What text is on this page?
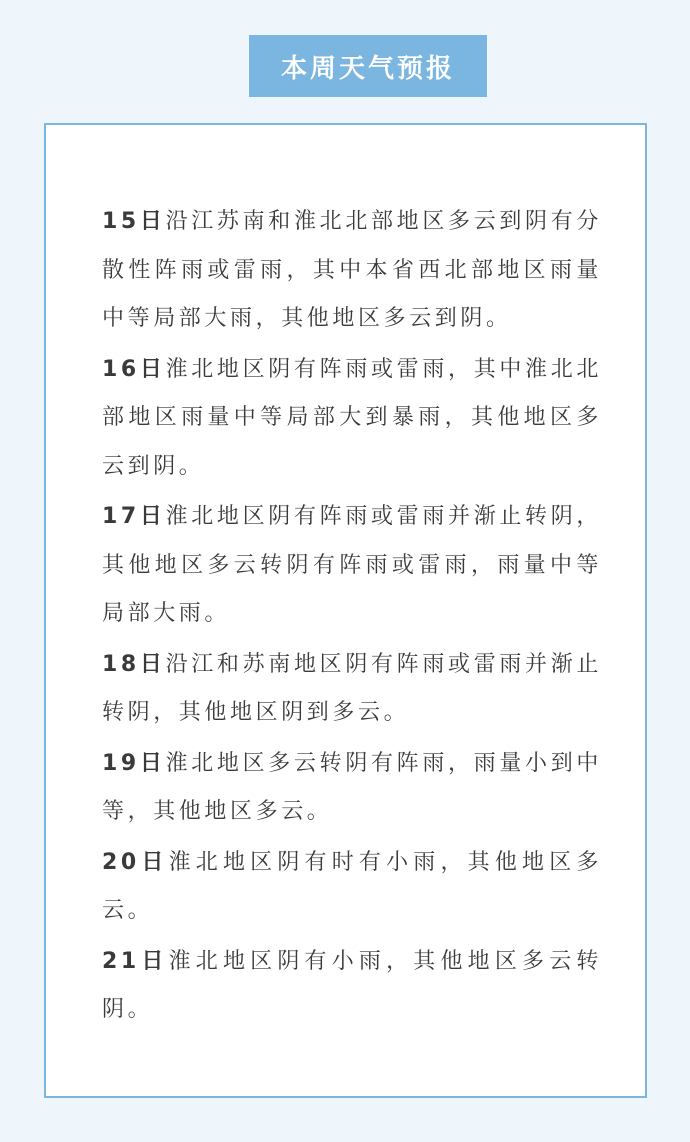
本周天气预报

15日沿江苏南和淮北北部地区多云到阴有分散性阵雨或雷雨，其中本省西北部地区雨量中等局部大雨，其他地区多云到阴。

16日淮北地区阴有阵雨或雷雨，其中淮北北部地区雨量中等局部大到暴雨，其他地区多云到阴。

17日淮北地区阴有阵雨或雷雨并渐止转阴，其他地区多云转阴有阵雨或雷雨，雨量中等局部大雨。

18日沿江和苏南地区阴有阵雨或雷雨并渐止转阴，其他地区阴到多云。

19日淮北地区多云转阴有阵雨，雨量小到中等，其他地区多云。

20日淮北地区阴有时有小雨，其他地区多云。

21日淮北地区阴有小雨，其他地区多云转阴。
